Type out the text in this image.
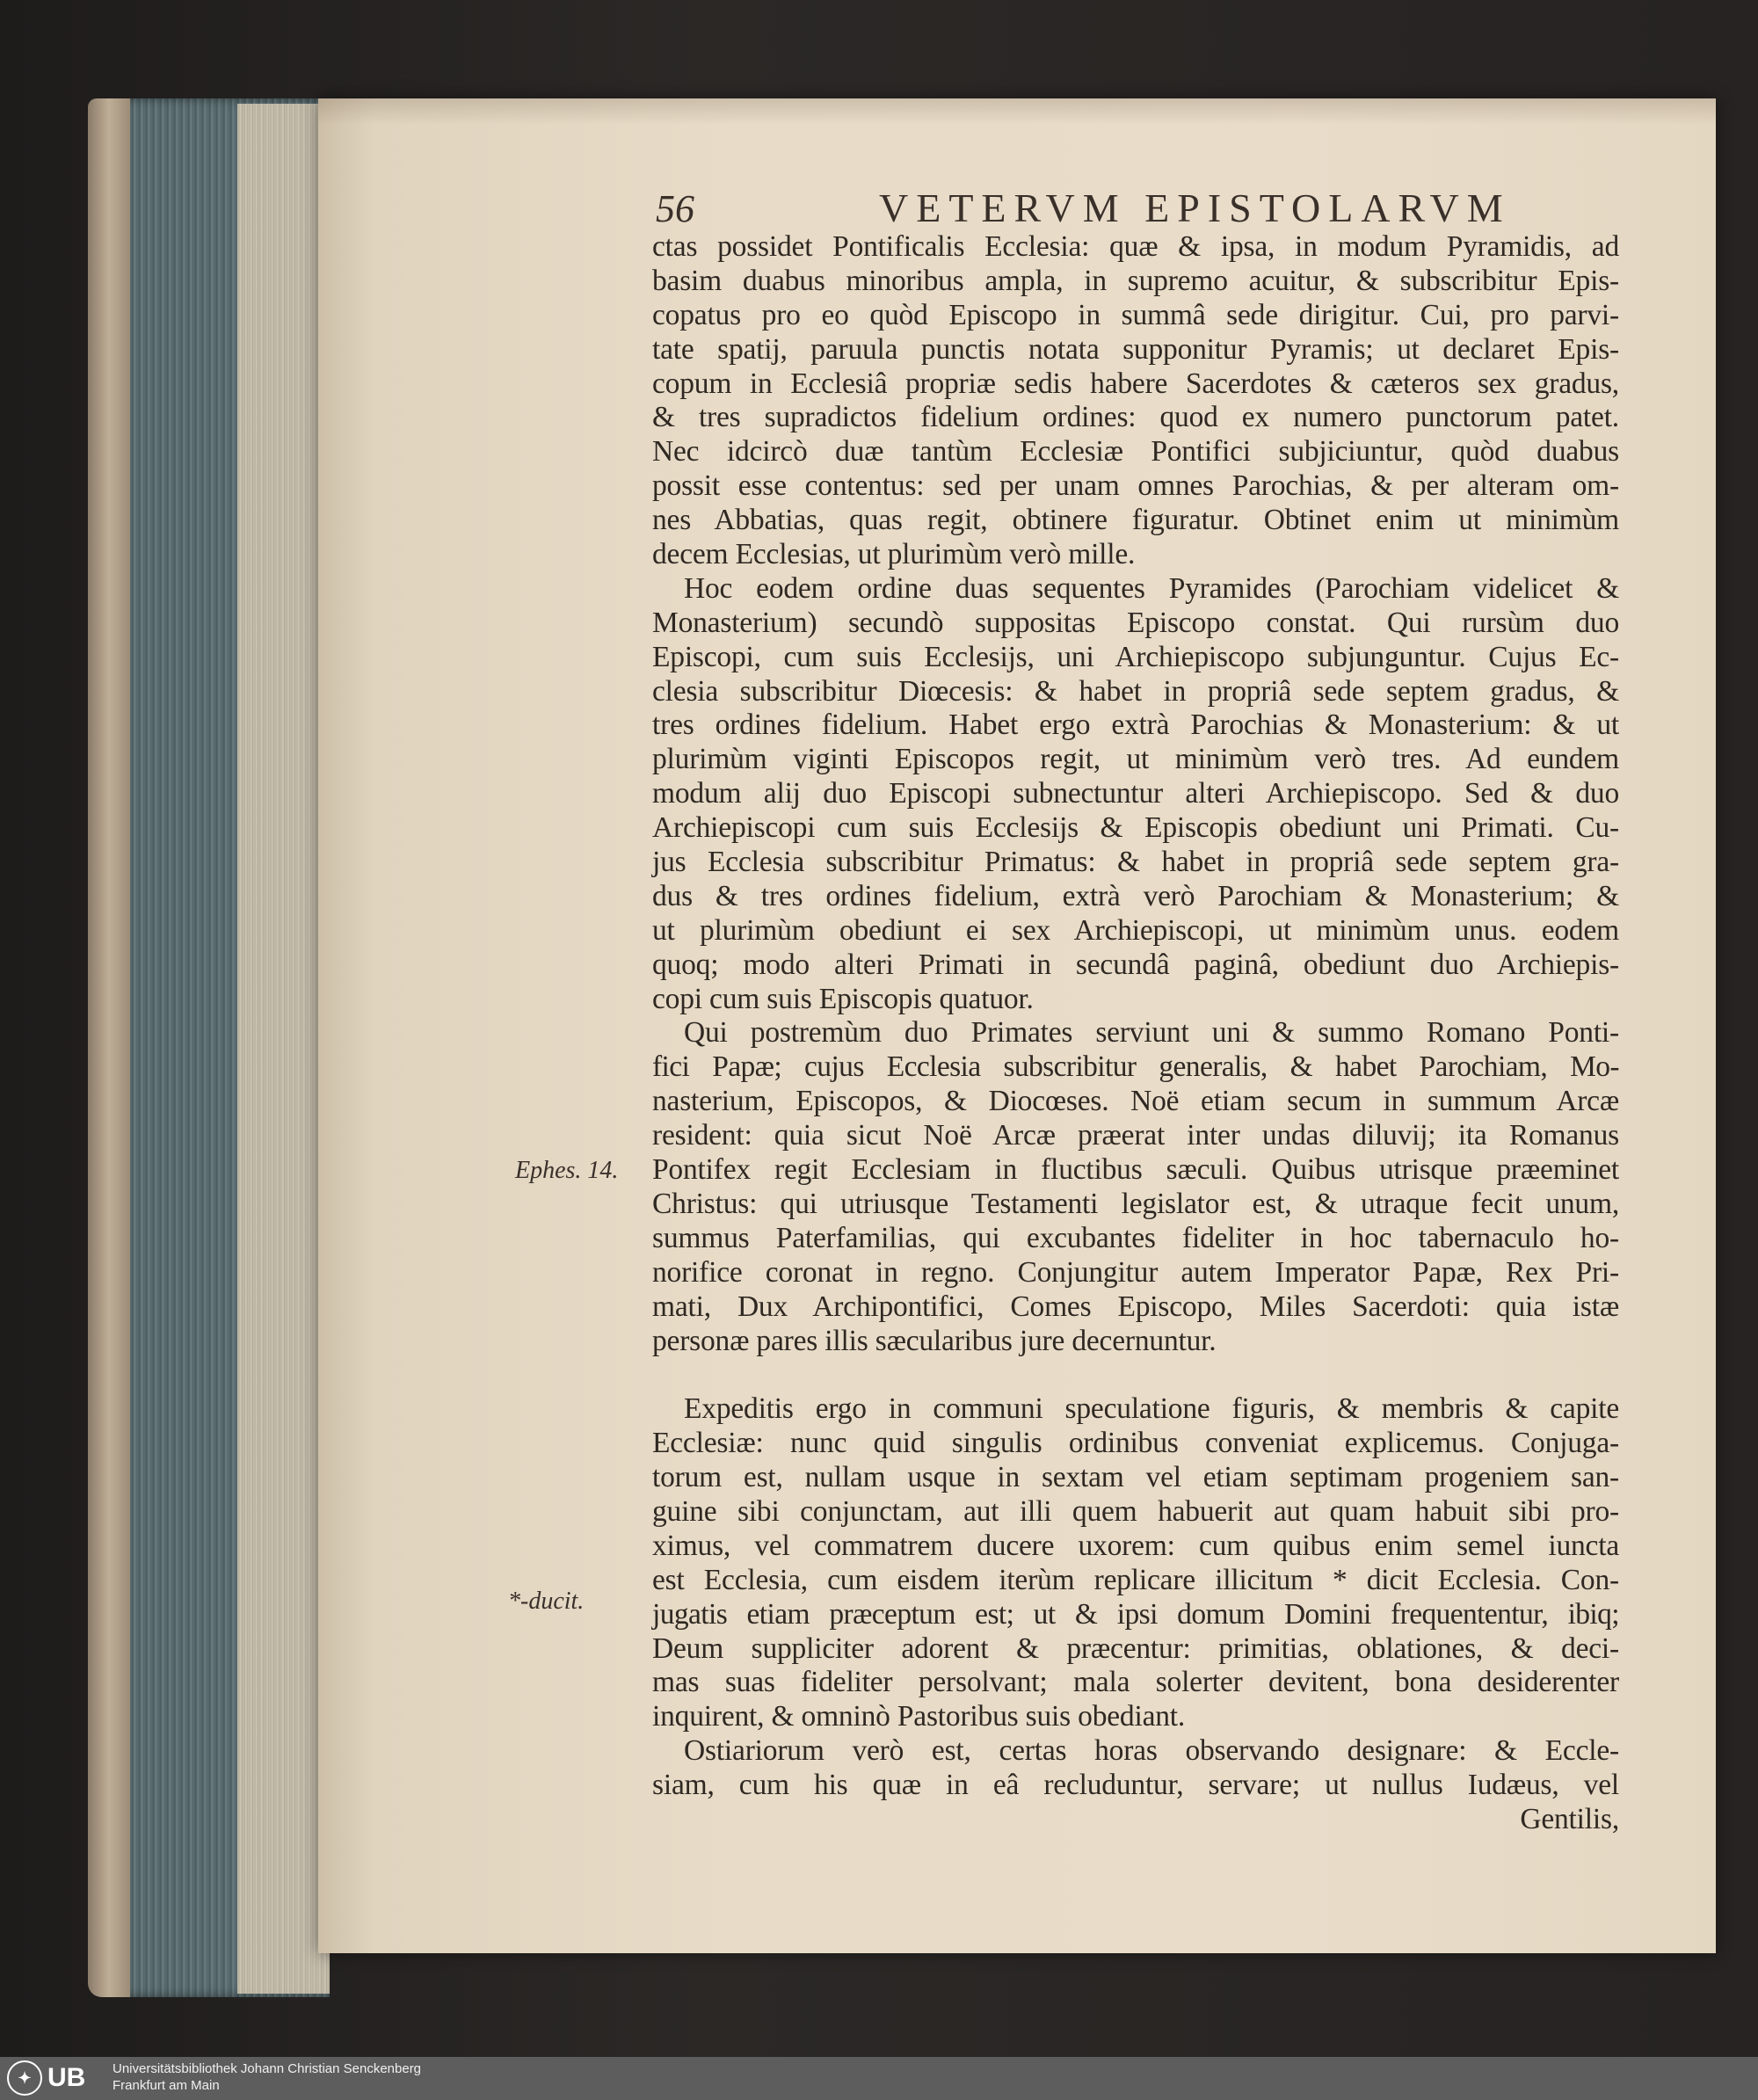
56	VETERVM EPISTOLARVM
ctas possidet Pontificalis Ecclesia: quæ & ipsa, in modum Pyramidis, ad
basim duabus minoribus ampla, in supremo acuitur, & subscribitur Epis-
copatus pro eo quòd Episcopo in summâ sede dirigitur. Cui, pro parvi-
tate spatij, paruula punctis notata supponitur Pyramis; ut declaret Epis-
copum in Ecclesiâ propriæ sedis habere Sacerdotes & cæteros sex gradus,
& tres supradictos fidelium ordines: quod ex numero punctorum patet.
Nec idcircò duæ tantùm Ecclesiæ Pontifici subjiciuntur, quòd duabus
possit esse contentus: sed per unam omnes Parochias, & per alteram om-
nes Abbatias, quas regit, obtinere figuratur. Obtinet enim ut minimùm
decem Ecclesias, ut plurimùm verò mille.
Hoc eodem ordine duas sequentes Pyramides (Parochiam videlicet &
Monasterium) secundò suppositas Episcopo constat. Qui rursùm duo
Episcopi, cum suis Ecclesijs, uni Archiepiscopo subjunguntur. Cujus Ec-
clesia subscribitur Diœcesis: & habet in propriâ sede septem gradus, &
tres ordines fidelium. Habet ergo extrà Parochias & Monasterium: & ut
plurimùm viginti Episcopos regit, ut minimùm verò tres. Ad eundem
modum alij duo Episcopi subnectuntur alteri Archiepiscopo. Sed & duo
Archiepiscopi cum suis Ecclesijs & Episcopis obediunt uni Primati. Cu-
jus Ecclesia subscribitur Primatus: & habet in propriâ sede septem gra-
dus & tres ordines fidelium, extrà verò Parochiam & Monasterium; &
ut plurimùm obediunt ei sex Archiepiscopi, ut minimùm unus. eodem
quoq; modo alteri Primati in secundâ paginâ, obediunt duo Archiepis-
copi cum suis Episcopis quatuor.
Qui postremùm duo Primates serviunt uni & summo Romano Ponti-
fici Papæ; cujus Ecclesia subscribitur generalis, & habet Parochiam, Mo-
nasterium, Episcopos, & Diocœses. Noë etiam secum in summum Arcæ
resident: quia sicut Noë Arcæ præerat inter undas diluvij; ita Romanus
Pontifex regit Ecclesiam in fluctibus sæculi. Quibus utrisque præeminet
Christus: qui utriusque Testamenti legislator est, & utraque fecit unum,
summus Paterfamilias, qui excubantes fideliter in hoc tabernaculo ho-
norifice coronat in regno. Conjungitur autem Imperator Papæ, Rex Pri-
mati, Dux Archipontifici, Comes Episcopo, Miles Sacerdoti: quia istæ
personæ pares illis sæcularibus jure decernuntur.
Expeditis ergo in communi speculatione figuris, & membris & capite
Ecclesiæ: nunc quid singulis ordinibus conveniat explicemus. Conjuga-
torum est, nullam usque in sextam vel etiam septimam progeniem san-
guine sibi conjunctam, aut illi quem habuerit aut quam habuit sibi pro-
ximus, vel commatrem ducere uxorem: cum quibus enim semel iuncta
est Ecclesia, cum eisdem iterùm replicare illicitum * dicit Ecclesia. Con-
jugatis etiam præceptum est; ut & ipsi domum Domini frequententur, ibiq;
Deum suppliciter adorent & præcentur: primitias, oblationes, & deci-
mas suas fideliter persolvant; mala solerter devitent, bona desiderenter
inquirent, & omninò Pastoribus suis obediant.
Ostiariorum verò est, certas horas observando designare: & Eccle-
siam, cum his quæ in eâ recluduntur, servare; ut nullus Iudæus, vel
Gentilis,
Ephes. 14.
*-ducit.
✦ UB Universitätsbibliothek Johann Christian Senckenberg
Frankfurt am Main
